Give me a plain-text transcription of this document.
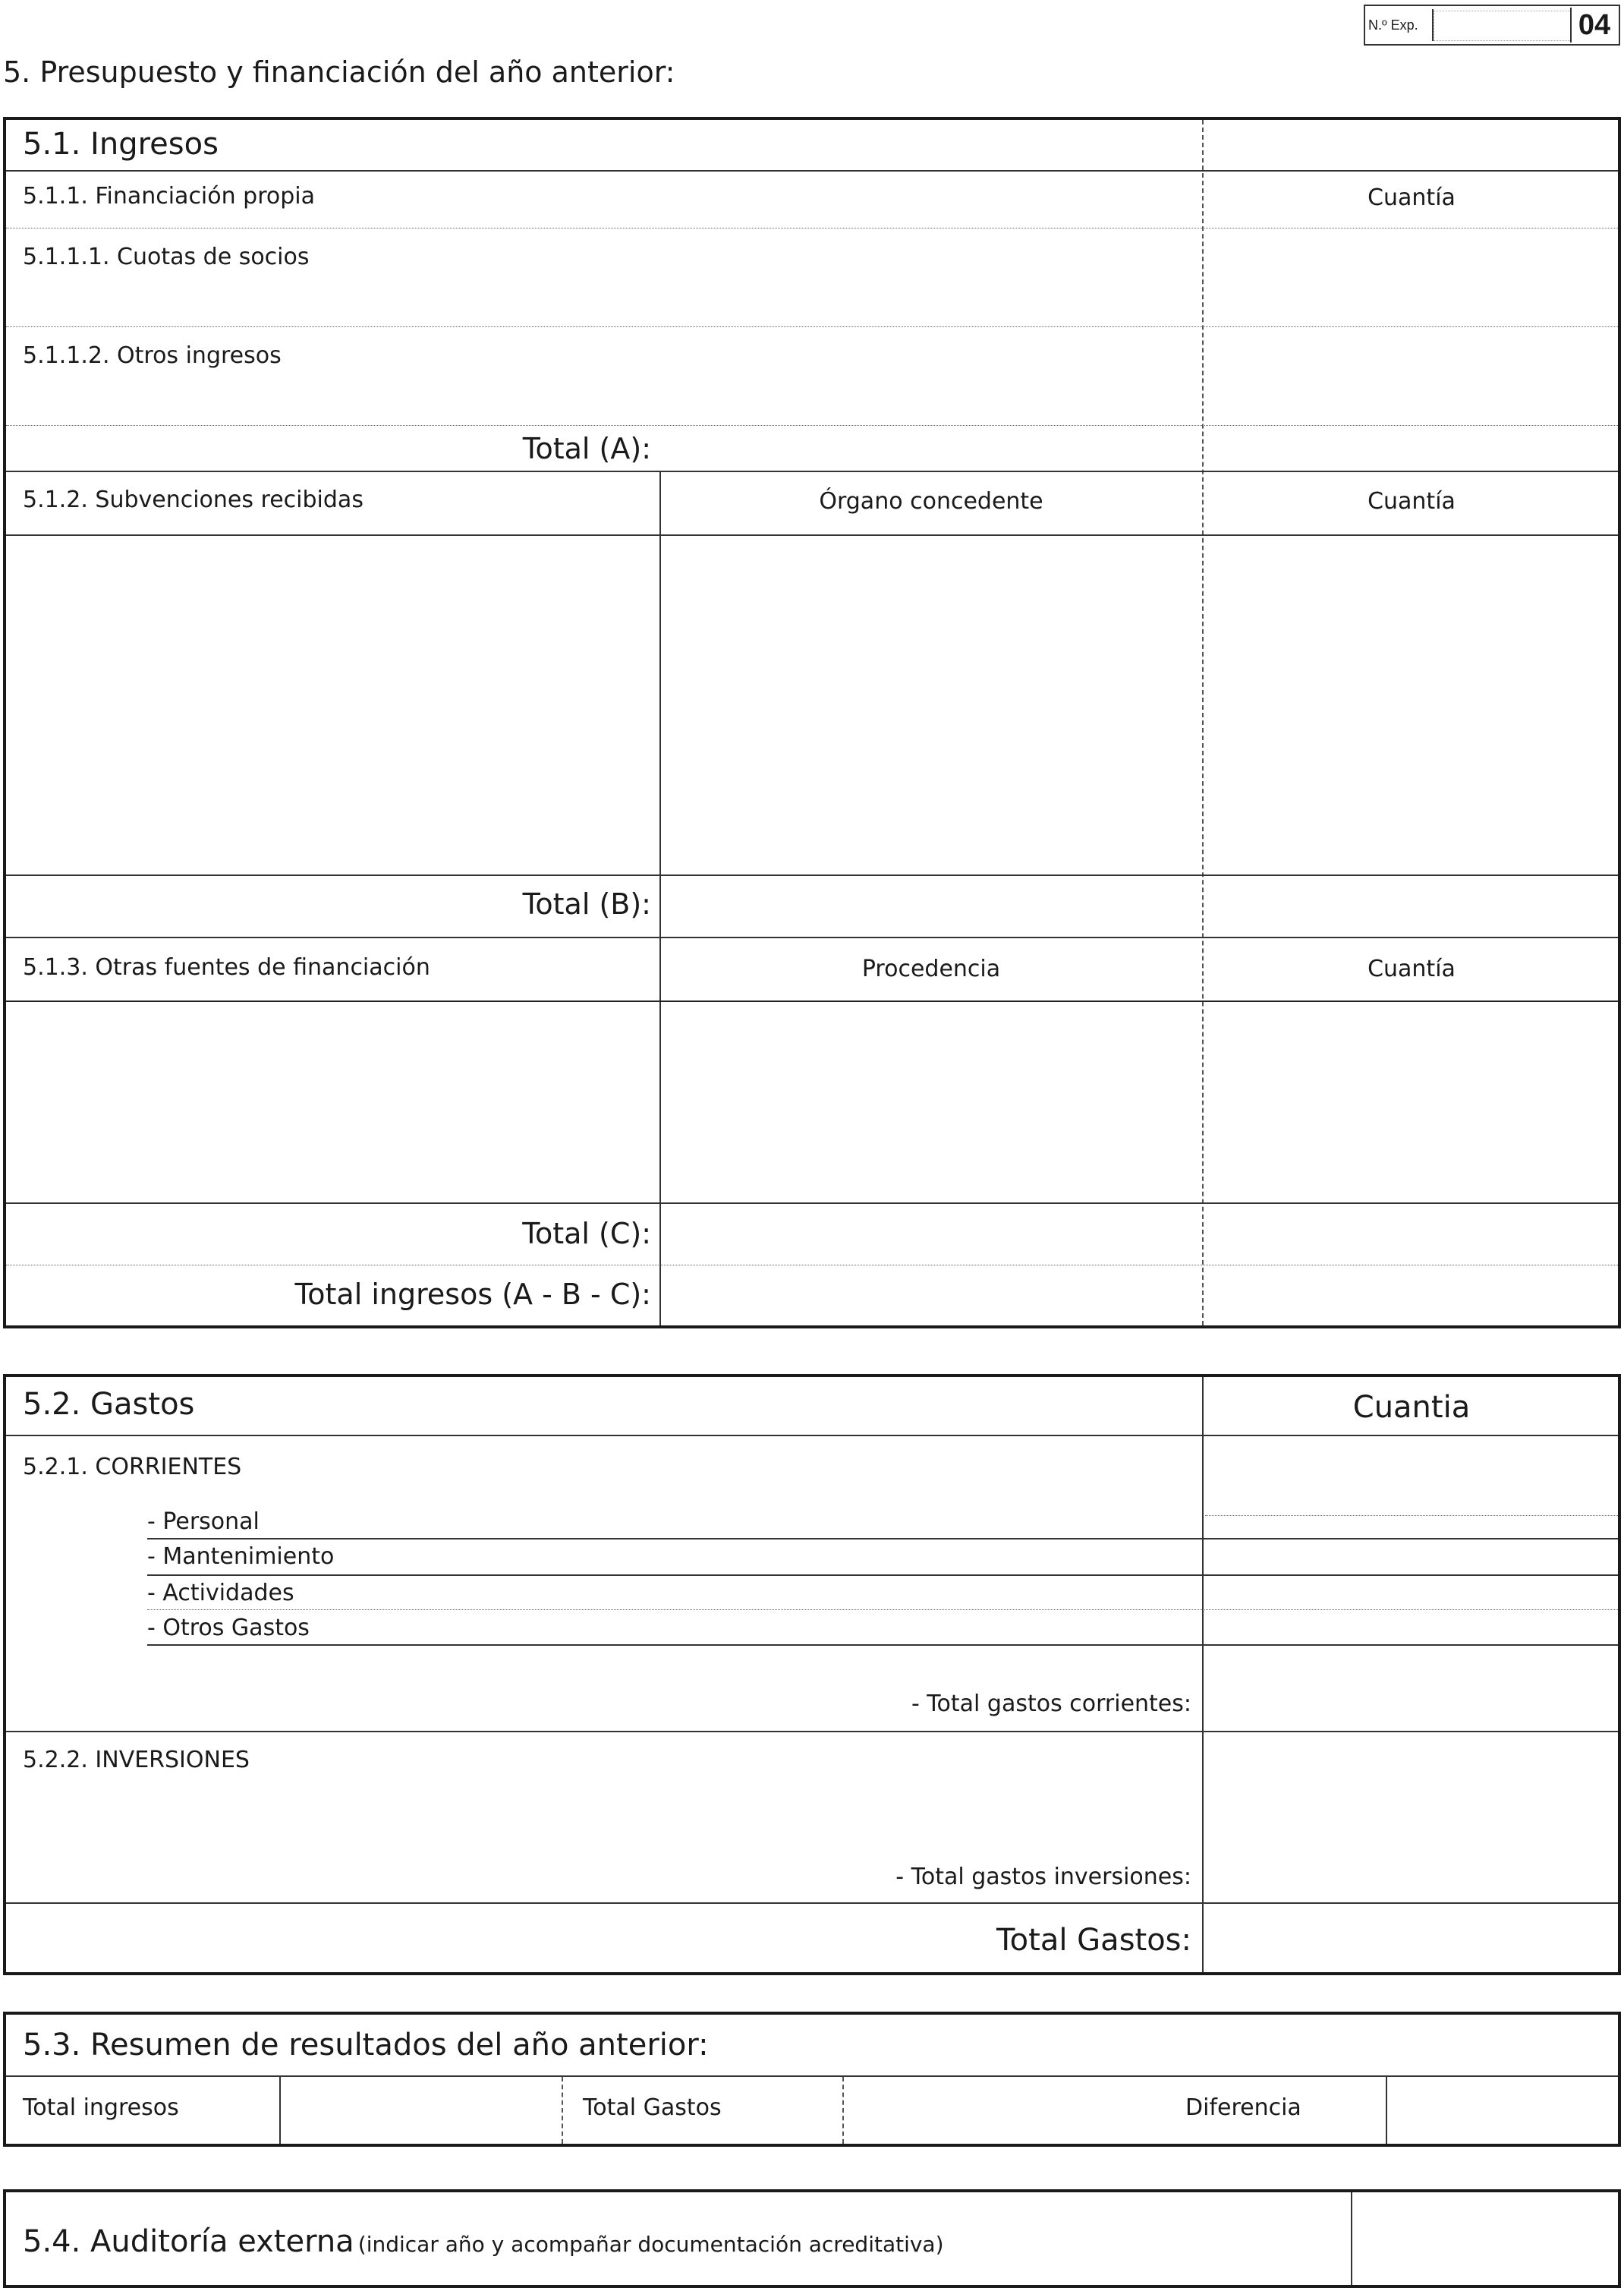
N.º Exp.	04
5. Presupuesto y financiación del año anterior:
5.1. Ingresos
5.1.1. Financiación propia	Cuantía
5.1.1.1. Cuotas de socios
5.1.1.2. Otros ingresos
Total (A):
5.1.2. Subvenciones recibidas	Órgano concedente	Cuantía
Total (B):
5.1.3. Otras fuentes de financiación	Procedencia	Cuantía
Total (C):
Total ingresos (A - B - C):
5.2. Gastos	Cuantia
5.2.1. CORRIENTES
- Personal
- Mantenimiento
- Actividades
- Otros Gastos
- Total gastos corrientes:
5.2.2. INVERSIONES
- Total gastos inversiones:
Total Gastos:
5.3. Resumen de resultados del año anterior:
Total ingresos	Total Gastos	Diferencia
5.4. Auditoría externa (indicar año y acompañar documentación acreditativa)
